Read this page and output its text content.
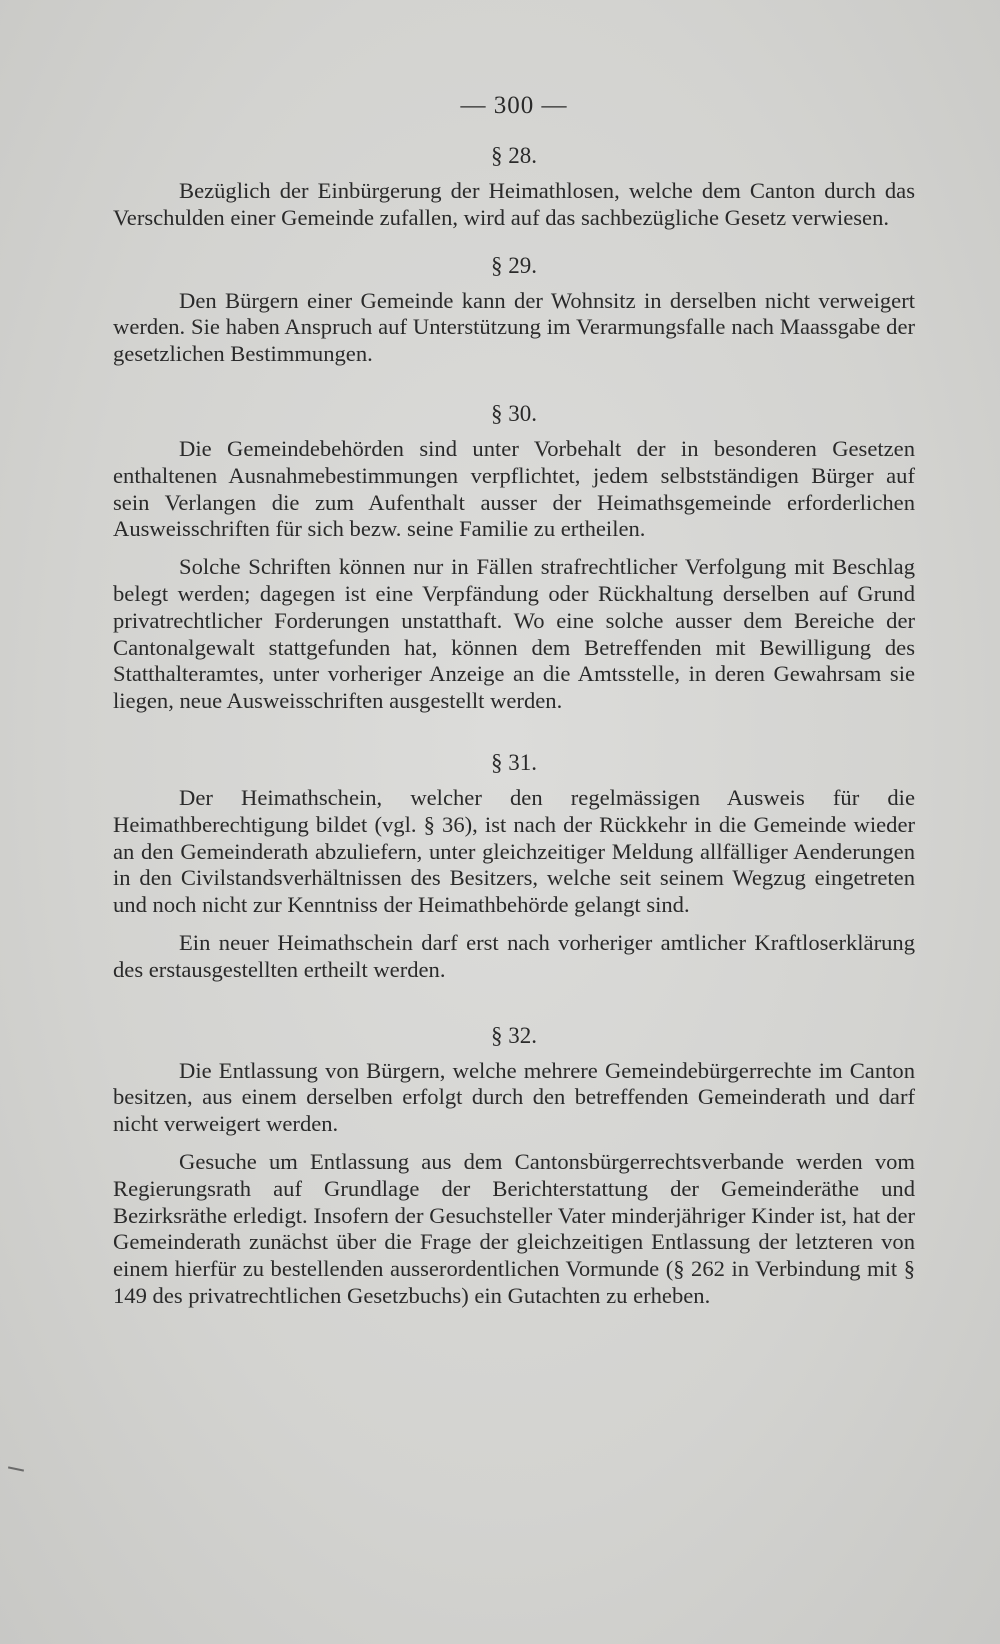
— 300 —
§ 28.

Bezüglich der Einbürgerung der Heimathlosen, welche dem Canton durch das Verschulden einer Gemeinde zufallen, wird auf das sachbezügliche Gesetz verwiesen.

§ 29.

Den Bürgern einer Gemeinde kann der Wohnsitz in derselben nicht verweigert werden. Sie haben Anspruch auf Unterstützung im Verarmungsfalle nach Maassgabe der gesetzlichen Bestimmungen.

§ 30.

Die Gemeindebehörden sind unter Vorbehalt der in besonderen Gesetzen enthaltenen Ausnahmebestimmungen verpflichtet, jedem selbstständigen Bürger auf sein Verlangen die zum Aufenthalt ausser der Heimathsgemeinde erforderlichen Ausweisschriften für sich bezw. seine Familie zu ertheilen.

Solche Schriften können nur in Fällen strafrechtlicher Verfolgung mit Beschlag belegt werden; dagegen ist eine Verpfändung oder Rückhaltung derselben auf Grund privatrechtlicher Forderungen unstatthaft. Wo eine solche ausser dem Bereiche der Cantonalgewalt stattgefunden hat, können dem Betreffenden mit Bewilligung des Statthalteramtes, unter vorheriger Anzeige an die Amtsstelle, in deren Gewahrsam sie liegen, neue Ausweisschriften ausgestellt werden.

§ 31.

Der Heimathschein, welcher den regelmässigen Ausweis für die Heimathberechtigung bildet (vgl. § 36), ist nach der Rückkehr in die Gemeinde wieder an den Gemeinderath abzuliefern, unter gleichzeitiger Meldung allfälliger Aenderungen in den Civilstandsverhältnissen des Besitzers, welche seit seinem Wegzug eingetreten und noch nicht zur Kenntniss der Heimathbehörde gelangt sind.

Ein neuer Heimathschein darf erst nach vorheriger amtlicher Kraftloserklärung des erstausgestellten ertheilt werden.

§ 32.

Die Entlassung von Bürgern, welche mehrere Gemeindebürgerrechte im Canton besitzen, aus einem derselben erfolgt durch den betreffenden Gemeinderath und darf nicht verweigert werden.

Gesuche um Entlassung aus dem Cantonsbürgerrechtsverbande werden vom Regierungsrath auf Grundlage der Berichterstattung der Gemeinderäthe und Bezirksräthe erledigt. Insofern der Gesuchsteller Vater minderjähriger Kinder ist, hat der Gemeinderath zunächst über die Frage der gleichzeitigen Entlassung der letzteren von einem hierfür zu bestellenden ausserordentlichen Vormunde (§ 262 in Verbindung mit § 149 des privatrechtlichen Gesetzbuchs) ein Gutachten zu erheben.
